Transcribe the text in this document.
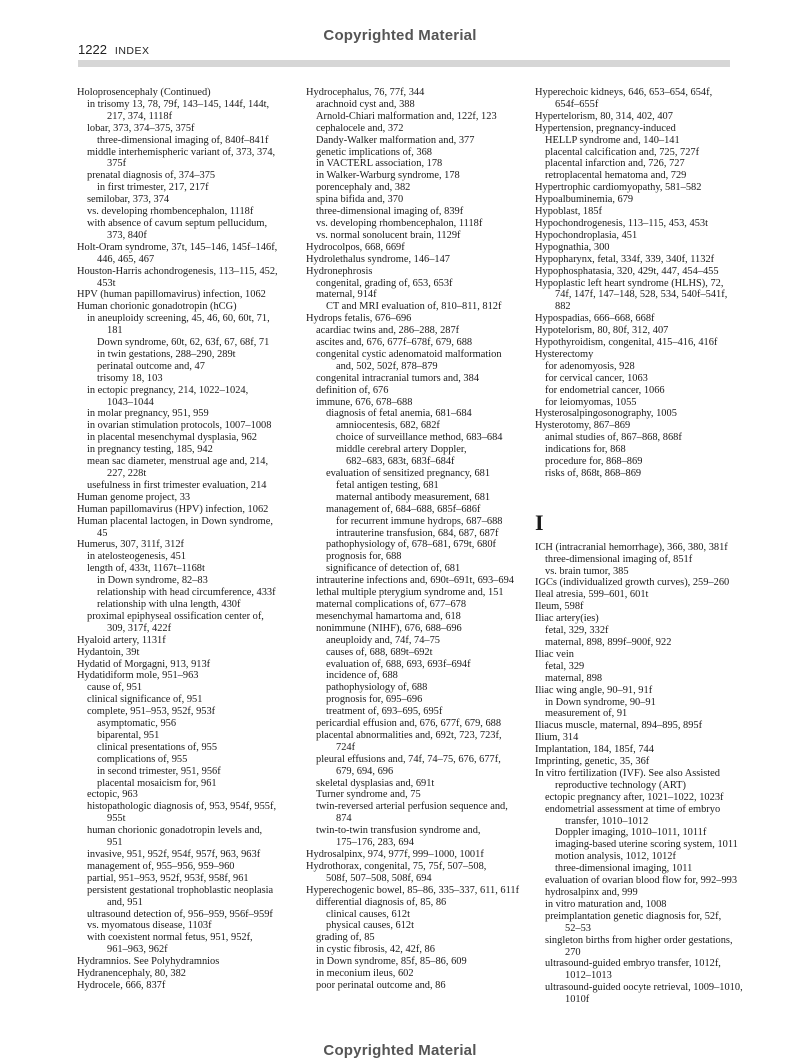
Copyrighted Material
1222 INDEX
Holoprosencephaly (Continued)
in trisomy 13, 78, 79f, 143–145, 144f, 144t,
217, 374, 1118f
lobar, 373, 374–375, 375f
three-dimensional imaging of, 840f–841f
middle interhemispheric variant of, 373, 374,
375f
prenatal diagnosis of, 374–375
in first trimester, 217, 217f
semilobar, 373, 374
vs. developing rhombencephalon, 1118f
with absence of cavum septum pellucidum,
373, 840f
Holt-Oram syndrome, 37t, 145–146, 145f–146f,
446, 465, 467
Houston-Harris achondrogenesis, 113–115, 452,
453t
HPV (human papillomavirus) infection, 1062
Human chorionic gonadotropin (hCG)
in aneuploidy screening, 45, 46, 60, 60t, 71,
181
Down syndrome, 60t, 62, 63f, 67, 68f, 71
in twin gestations, 288–290, 289t
perinatal outcome and, 47
trisomy 18, 103
in ectopic pregnancy, 214, 1022–1024,
1043–1044
in molar pregnancy, 951, 959
in ovarian stimulation protocols, 1007–1008
in placental mesenchymal dysplasia, 962
in pregnancy testing, 185, 942
mean sac diameter, menstrual age and, 214,
227, 228t
usefulness in first trimester evaluation, 214
Human genome project, 33
Human papillomavirus (HPV) infection, 1062
Human placental lactogen, in Down syndrome,
45
Humerus, 307, 311f, 312f
in atelosteogenesis, 451
length of, 433t, 1167t–1168t
in Down syndrome, 82–83
relationship with head circumference, 433f
relationship with ulna length, 430f
proximal epiphyseal ossification center of,
309, 317f, 422f
Hyaloid artery, 1131f
Hydantoin, 39t
Hydatid of Morgagni, 913, 913f
Hydatidiform mole, 951–963
cause of, 951
clinical significance of, 951
complete, 951–953, 952f, 953f
asymptomatic, 956
biparental, 951
clinical presentations of, 955
complications of, 955
in second trimester, 951, 956f
placental mosaicism for, 961
ectopic, 963
histopathologic diagnosis of, 953, 954f, 955f,
955t
human chorionic gonadotropin levels and,
951
invasive, 951, 952f, 954f, 957f, 963, 963f
management of, 955–956, 959–960
partial, 951–953, 952f, 953f, 958f, 961
persistent gestational trophoblastic neoplasia
and, 951
ultrasound detection of, 956–959, 956f–959f
vs. myomatous disease, 1103f
with coexistent normal fetus, 951, 952f,
961–963, 962f
Hydramnios. See Polyhydramnios
Hydranencephaly, 80, 382
Hydrocele, 666, 837f
Hydrocephalus, 76, 77f, 344
arachnoid cyst and, 388
Arnold-Chiari malformation and, 122f, 123
cephalocele and, 372
Dandy-Walker malformation and, 377
genetic implications of, 368
in VACTERL association, 178
in Walker-Warburg syndrome, 178
porencephaly and, 382
spina bifida and, 370
three-dimensional imaging of, 839f
vs. developing rhombencephalon, 1118f
vs. normal sonolucent brain, 1129f
Hydrocolpos, 668, 669f
Hydrolethalus syndrome, 146–147
Hydronephrosis
congenital, grading of, 653, 653f
maternal, 914f
CT and MRI evaluation of, 810–811, 812f
Hydrops fetalis, 676–696
acardiac twins and, 286–288, 287f
ascites and, 676, 677f–678f, 679, 688
congenital cystic adenomatoid malformation
and, 502, 502f, 878–879
congenital intracranial tumors and, 384
definition of, 676
immune, 676, 678–688
diagnosis of fetal anemia, 681–684
amniocentesis, 682, 682f
choice of surveillance method, 683–684
middle cerebral artery Doppler,
682–683, 683t, 683f–684f
evaluation of sensitized pregnancy, 681
fetal antigen testing, 681
maternal antibody measurement, 681
management of, 684–688, 685f–686f
for recurrent immune hydrops, 687–688
intrauterine transfusion, 684, 687, 687f
pathophysiology of, 678–681, 679t, 680f
prognosis for, 688
significance of detection of, 681
intrauterine infections and, 690t–691t, 693–694
lethal multiple pterygium syndrome and, 151
maternal complications of, 677–678
mesenchymal hamartoma and, 618
nonimmune (NIHF), 676, 688–696
aneuploidy and, 74f, 74–75
causes of, 688, 689t–692t
evaluation of, 688, 693, 693f–694f
incidence of, 688
pathophysiology of, 688
prognosis for, 695–696
treatment of, 693–695, 695f
pericardial effusion and, 676, 677f, 679, 688
placental abnormalities and, 692t, 723, 723f,
724f
pleural effusions and, 74f, 74–75, 676, 677f,
679, 694, 696
skeletal dysplasias and, 691t
Turner syndrome and, 75
twin-reversed arterial perfusion sequence and,
874
twin-to-twin transfusion syndrome and,
175–176, 283, 694
Hydrosalpinx, 974, 977f, 999–1000, 1001f
Hydrothorax, congenital, 75, 75f, 507–508,
508f, 507–508, 508f, 694
Hyperechogenic bowel, 85–86, 335–337, 611, 611f
differential diagnosis of, 85, 86
clinical causes, 612t
physical causes, 612t
grading of, 85
in cystic fibrosis, 42, 42f, 86
in Down syndrome, 85f, 85–86, 609
in meconium ileus, 602
poor perinatal outcome and, 86
Hyperechoic kidneys, 646, 653–654, 654f,
654f–655f
Hypertelorism, 80, 314, 402, 407
Hypertension, pregnancy-induced
HELLP syndrome and, 140–141
placental calcification and, 725, 727f
placental infarction and, 726, 727
retroplacental hematoma and, 729
Hypertrophic cardiomyopathy, 581–582
Hypoalbuminemia, 679
Hypoblast, 185f
Hypochondrogenesis, 113–115, 453, 453t
Hypochondroplasia, 451
Hypognathia, 300
Hypopharynx, fetal, 334f, 339, 340f, 1132f
Hypophosphatasia, 320, 429t, 447, 454–455
Hypoplastic left heart syndrome (HLHS), 72,
74f, 147f, 147–148, 528, 534, 540f–541f,
882
Hypospadias, 666–668, 668f
Hypotelorism, 80, 80f, 312, 407
Hypothyroidism, congenital, 415–416, 416f
Hysterectomy
for adenomyosis, 928
for cervical cancer, 1063
for endometrial cancer, 1066
for leiomyomas, 1055
Hysterosalpingosonography, 1005
Hysterotomy, 867–869
animal studies of, 867–868, 868f
indications for, 868
procedure for, 868–869
risks of, 868t, 868–869
I
ICH (intracranial hemorrhage), 366, 380, 381f
three-dimensional imaging of, 851f
vs. brain tumor, 385
IGCs (individualized growth curves), 259–260
Ileal atresia, 599–601, 601t
Ileum, 598f
Iliac artery(ies)
fetal, 329, 332f
maternal, 898, 899f–900f, 922
Iliac vein
fetal, 329
maternal, 898
Iliac wing angle, 90–91, 91f
in Down syndrome, 90–91
measurement of, 91
Iliacus muscle, maternal, 894–895, 895f
Ilium, 314
Implantation, 184, 185f, 744
Imprinting, genetic, 35, 36f
In vitro fertilization (IVF). See also Assisted
reproductive technology (ART)
ectopic pregnancy after, 1021–1022, 1023f
endometrial assessment at time of embryo
transfer, 1010–1012
Doppler imaging, 1010–1011, 1011f
imaging-based uterine scoring system, 1011
motion analysis, 1012, 1012f
three-dimensional imaging, 1011
evaluation of ovarian blood flow for, 992–993
hydrosalpinx and, 999
in vitro maturation and, 1008
preimplantation genetic diagnosis for, 52f,
52–53
singleton births from higher order gestations,
270
ultrasound-guided embryo transfer, 1012f,
1012–1013
ultrasound-guided oocyte retrieval, 1009–1010,
1010f
Copyrighted Material
